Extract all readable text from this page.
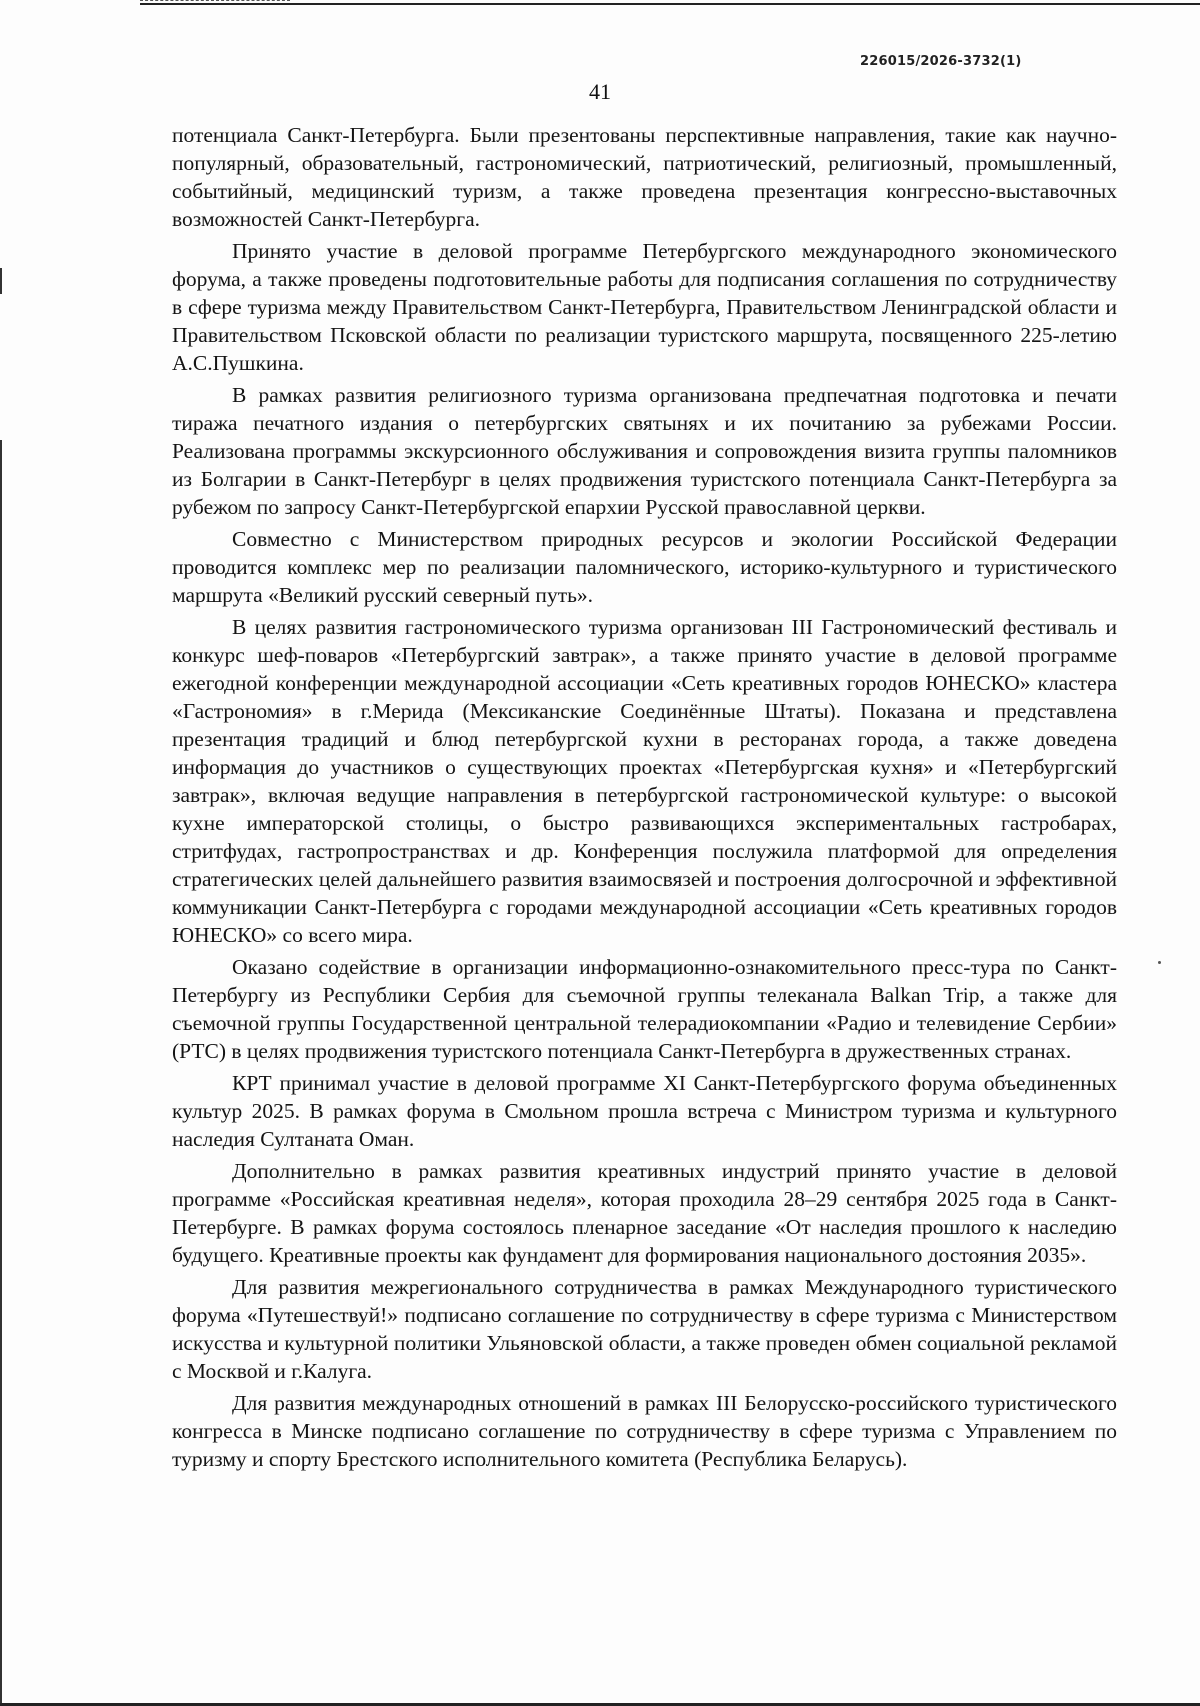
226015/2026-3732(1)
41

потенциала Санкт-Петербурга. Были презентованы перспективные направления, такие как научно-популярный, образовательный, гастрономический, патриотический, религиозный, промышленный, событийный, медицинский туризм, а также проведена презентация конгрессно-выставочных возможностей Санкт-Петербурга.

Принято участие в деловой программе Петербургского международного экономического форума, а также проведены подготовительные работы для подписания соглашения по сотрудничеству в сфере туризма между Правительством Санкт-Петербурга, Правительством Ленинградской области и Правительством Псковской области по реализации туристского маршрута, посвященного 225-летию А.С.Пушкина.

В рамках развития религиозного туризма организована предпечатная подготовка и печати тиража печатного издания о петербургских святынях и их почитанию за рубежами России. Реализована программы экскурсионного обслуживания и сопровождения визита группы паломников из Болгарии в Санкт-Петербург в целях продвижения туристского потенциала Санкт-Петербурга за рубежом по запросу Санкт-Петербургской епархии Русской православной церкви.

Совместно с Министерством природных ресурсов и экологии Российской Федерации проводится комплекс мер по реализации паломнического, историко-культурного и туристического маршрута «Великий русский северный путь».

В целях развития гастрономического туризма организован III Гастрономический фестиваль и конкурс шеф-поваров «Петербургский завтрак», а также принято участие в деловой программе ежегодной конференции международной ассоциации «Сеть креативных городов ЮНЕСКО» кластера «Гастрономия» в г.Мерида (Мексиканские Соединённые Штаты). Показана и представлена презентация традиций и блюд петербургской кухни в ресторанах города, а также доведена информация до участников о существующих проектах «Петербургская кухня» и «Петербургский завтрак», включая ведущие направления в петербургской гастрономической культуре: о высокой кухне императорской столицы, о быстро развивающихся экспериментальных гастробарах, стритфудах, гастропространствах и др. Конференция послужила платформой для определения стратегических целей дальнейшего развития взаимосвязей и построения долгосрочной и эффективной коммуникации Санкт-Петербурга с городами международной ассоциации «Сеть креативных городов ЮНЕСКО» со всего мира.

Оказано содействие в организации информационно-ознакомительного пресс-тура по Санкт-Петербургу из Республики Сербия для съемочной группы телеканала Balkan Trip, а также для съемочной группы Государственной центральной телерадиокомпании «Радио и телевидение Сербии» (РТС) в целях продвижения туристского потенциала Санкт-Петербурга в дружественных странах.

КРТ принимал участие в деловой программе XI Санкт-Петербургского форума объединенных культур 2025. В рамках форума в Смольном прошла встреча с Министром туризма и культурного наследия Султаната Оман.

Дополнительно в рамках развития креативных индустрий принято участие в деловой программе «Российская креативная неделя», которая проходила 28–29 сентября 2025 года в Санкт-Петербурге. В рамках форума состоялось пленарное заседание «От наследия прошлого к наследию будущего. Креативные проекты как фундамент для формирования национального достояния 2035».

Для развития межрегионального сотрудничества в рамках Международного туристического форума «Путешествуй!» подписано соглашение по сотрудничеству в сфере туризма с Министерством искусства и культурной политики Ульяновской области, а также проведен обмен социальной рекламой с Москвой и г.Калуга.

Для развития международных отношений в рамках III Белорусско-российского туристического конгресса в Минске подписано соглашение по сотрудничеству в сфере туризма с Управлением по туризму и спорту Брестского исполнительного комитета (Республика Беларусь).
